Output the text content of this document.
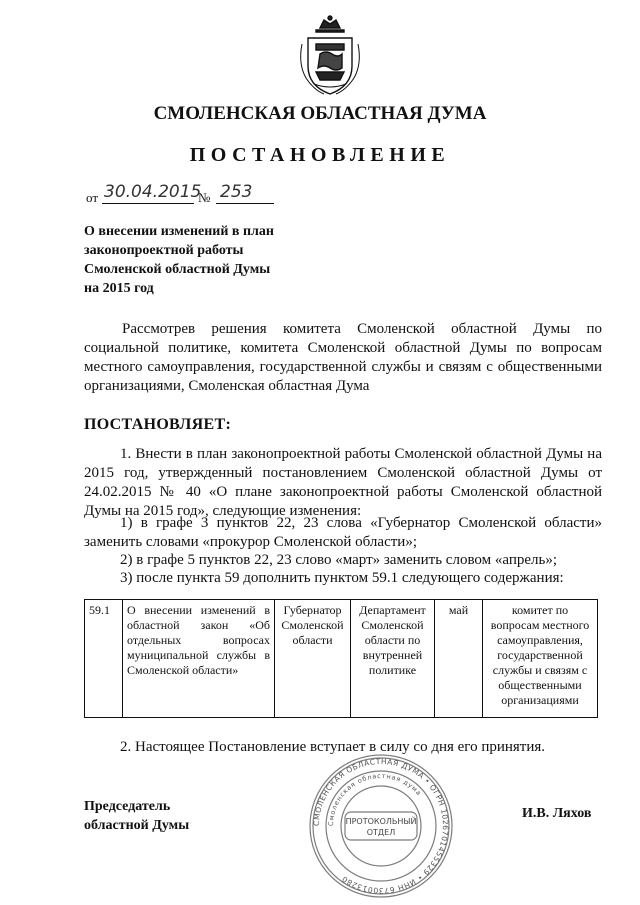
СМОЛЕНСКАЯ ОБЛАСТНАЯ ДУМА
ПОСТАНОВЛЕНИЕ
от 30.04.2015
№ 253
О внесении изменений в план
законопроектной работы
Смоленской областной Думы
на 2015 год
Рассмотрев решения комитета Смоленской областной Думы по социальной политике, комитета Смоленской областной Думы по вопросам местного самоуправления, государственной службы и связям с общественными организациями, Смоленская областная Дума
ПОСТАНОВЛЯЕТ:
1. Внести в план законопроектной работы Смоленской областной Думы на 2015 год, утвержденный постановлением Смоленской областной Думы от 24.02.2015 № 40 «О плане законопроектной работы Смоленской областной Думы на 2015 год», следующие изменения:
1) в графе 3 пунктов 22, 23 слова «Губернатор Смоленской области» заменить словами «прокурор Смоленской области»;
2) в графе 5 пунктов 22, 23 слово «март» заменить словом «апрель»;
3) после пункта 59 дополнить пунктом 59.1 следующего содержания:
59.1	О внесении изменений в областной закон «Об отдельных вопросах муниципальной службы в Смоленской области»	Губернатор Смоленской области	Департамент Смоленской области по внутренней политике	май	комитет по вопросам местного самоуправления, государственной службы и связям с общественными организациями
2. Настоящее Постановление вступает в силу со дня его принятия.
Председатель
областной Думы
И.В. Ляхов
СМОЛЕНСКАЯ ОБЛАСТНАЯ ДУМА • ОГРН 1026701455329 • ИНН 6730013280
Смоленская областная дума
ПРОТОКОЛЬНЫЙ
ОТДЕЛ
